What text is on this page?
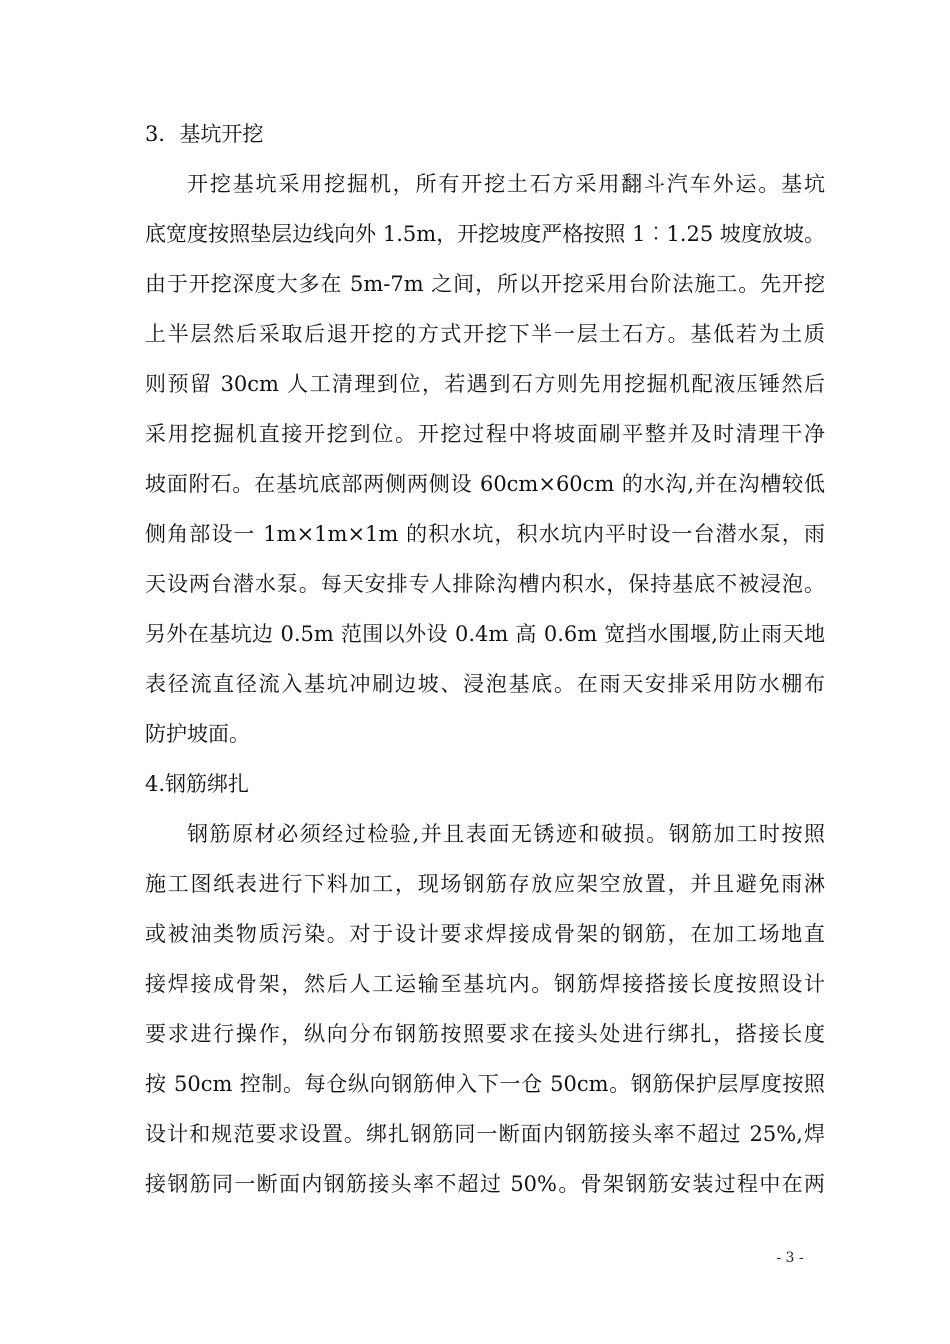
3．基坑开挖
开挖基坑采用挖掘机，所有开挖土石方采用翻斗汽车外运。基坑
底宽度按照垫层边线向外 1.5m，开挖坡度严格按照 1︰1.25 坡度放坡。
由于开挖深度大多在 5m-7m 之间，所以开挖采用台阶法施工。先开挖
上半层然后采取后退开挖的方式开挖下半一层土石方。基低若为土质
则预留 30cm 人工清理到位，若遇到石方则先用挖掘机配液压锤然后
采用挖掘机直接开挖到位。开挖过程中将坡面刷平整并及时清理干净
坡面附石。在基坑底部两侧两侧设 60cm×60cm 的水沟,并在沟槽较低
侧角部设一 1m×1m×1m 的积水坑，积水坑内平时设一台潜水泵，雨
天设两台潜水泵。每天安排专人排除沟槽内积水，保持基底不被浸泡。
另外在基坑边 0.5m 范围以外设 0.4m 高 0.6m 宽挡水围堰,防止雨天地
表径流直径流入基坑冲刷边坡、浸泡基底。在雨天安排采用防水棚布
防护坡面。
4.钢筋绑扎
钢筋原材必须经过检验,并且表面无锈迹和破损。钢筋加工时按照
施工图纸表进行下料加工，现场钢筋存放应架空放置，并且避免雨淋
或被油类物质污染。对于设计要求焊接成骨架的钢筋，在加工场地直
接焊接成骨架，然后人工运输至基坑内。钢筋焊接搭接长度按照设计
要求进行操作，纵向分布钢筋按照要求在接头处进行绑扎，搭接长度
按 50cm 控制。每仓纵向钢筋伸入下一仓 50cm。钢筋保护层厚度按照
设计和规范要求设置。绑扎钢筋同一断面内钢筋接头率不超过 25%,焊
接钢筋同一断面内钢筋接头率不超过 50%。骨架钢筋安装过程中在两
- 3 -
